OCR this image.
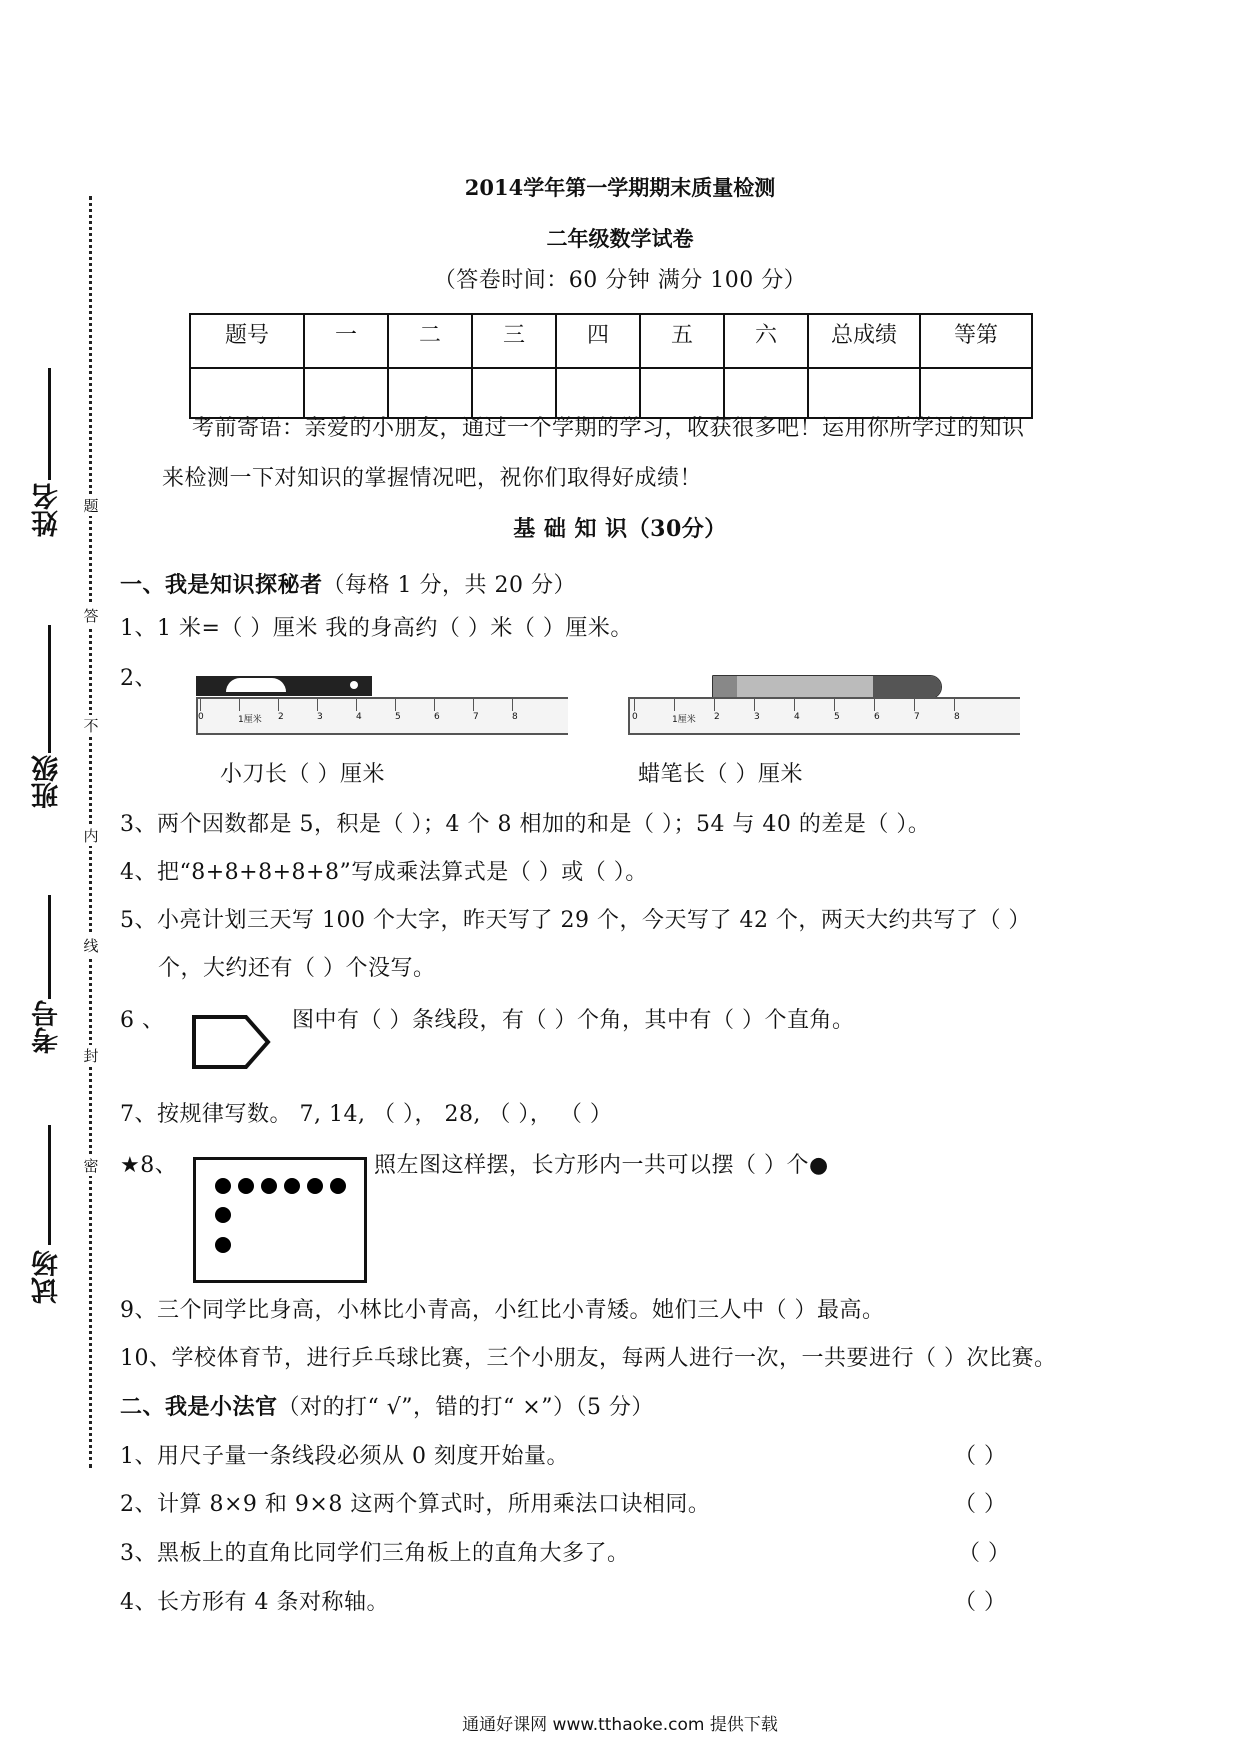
姓名
班级
考号
试场
题
答
不
内
线
封
密
2014学年第一学期期末质量检测
二年级数学试卷
（答卷时间：60 分钟 满分 100 分）
题号	一	二	三	四	五	六	总成绩	等第

考前寄语：亲爱的小朋友，通过一个学期的学习，收获很多吧！运用你所学过的知识
来检测一下对知识的掌握情况吧，祝你们取得好成绩！
基 础 知 识（30分）
一、我是知识探秘者（每格 1 分，共 20 分）
1、1 米=（ ）厘米 我的身高约（ ）米（ ）厘米。
2、
0	1厘米 2	3	4	5	6	7	8	0	1厘米 2	3	4	5	6	7	8
小刀长（ ）厘米	蜡笔长（ ）厘米
3、两个因数都是 5，积是（ ）；4 个 8 相加的和是（ ）；54 与 40 的差是（ ）。
4、把“8+8+8+8+8”写成乘法算式是（ ）或（ ）。
5、小亮计划三天写 100 个大字，昨天写了 29 个，今天写了 42 个，两天大约共写了（ ）
个，大约还有（ ）个没写。
6 、	图中有（ ）条线段，有（ ）个角，其中有（ ）个直角。
7、按规律写数。 7, 14, （ ）， 28, （ ）， （ ）
★8、	照左图这样摆，长方形内一共可以摆（ ）个●
9、三个同学比身高，小林比小青高，小红比小青矮。她们三人中（ ）最高。
10、学校体育节，进行乒乓球比赛，三个小朋友，每两人进行一次，一共要进行（ ）次比赛。
二、我是小法官（对的打“ √”，错的打“ ×”）（5 分）
1、用尺子量一条线段必须从 0 刻度开始量。	（ ）
2、计算 8×9 和 9×8 这两个算式时，所用乘法口诀相同。	（ ）
3、黑板上的直角比同学们三角板上的直角大多了。	（ ）
4、长方形有 4 条对称轴。	（ ）
通通好课网 www.tthaoke.com 提供下载
